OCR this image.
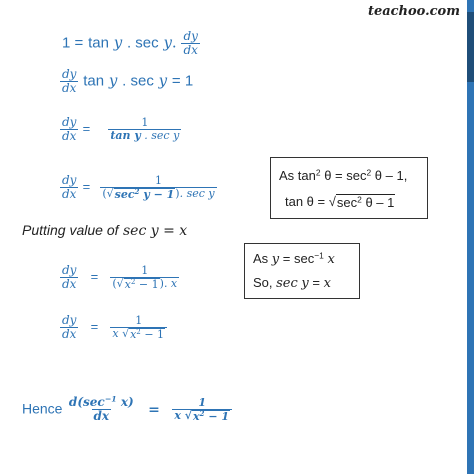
teachoo.com
1 = tan y . sec y. $\frac{dy}{dx}$
$\frac{dy}{dx}$ tan y . sec y = 1
$\frac{dy}{dx} = \frac{1}{\text{tan y . sec y}}$
$\frac{dy}{dx} = \frac{1}{( √ \sec^2 y - 1 ). \sec y}$
Putting value of sec y = x
$\frac{dy}{dx} = \frac{1}{( √ x^2 - 1 ). x}$
$\frac{dy}{dx} = \frac{1}{x √ x^2 - 1}$
Hence $\frac{d(\sec^{-1} x)}{dx} = \frac{1}{x √ x^2 - 1}$
As $\tan^2 \theta = \sec^2 \theta - 1$,
tan θ = √ $\sec^2 \theta - 1$
As $y = \sec^{-1} x$
So, sec y = x
